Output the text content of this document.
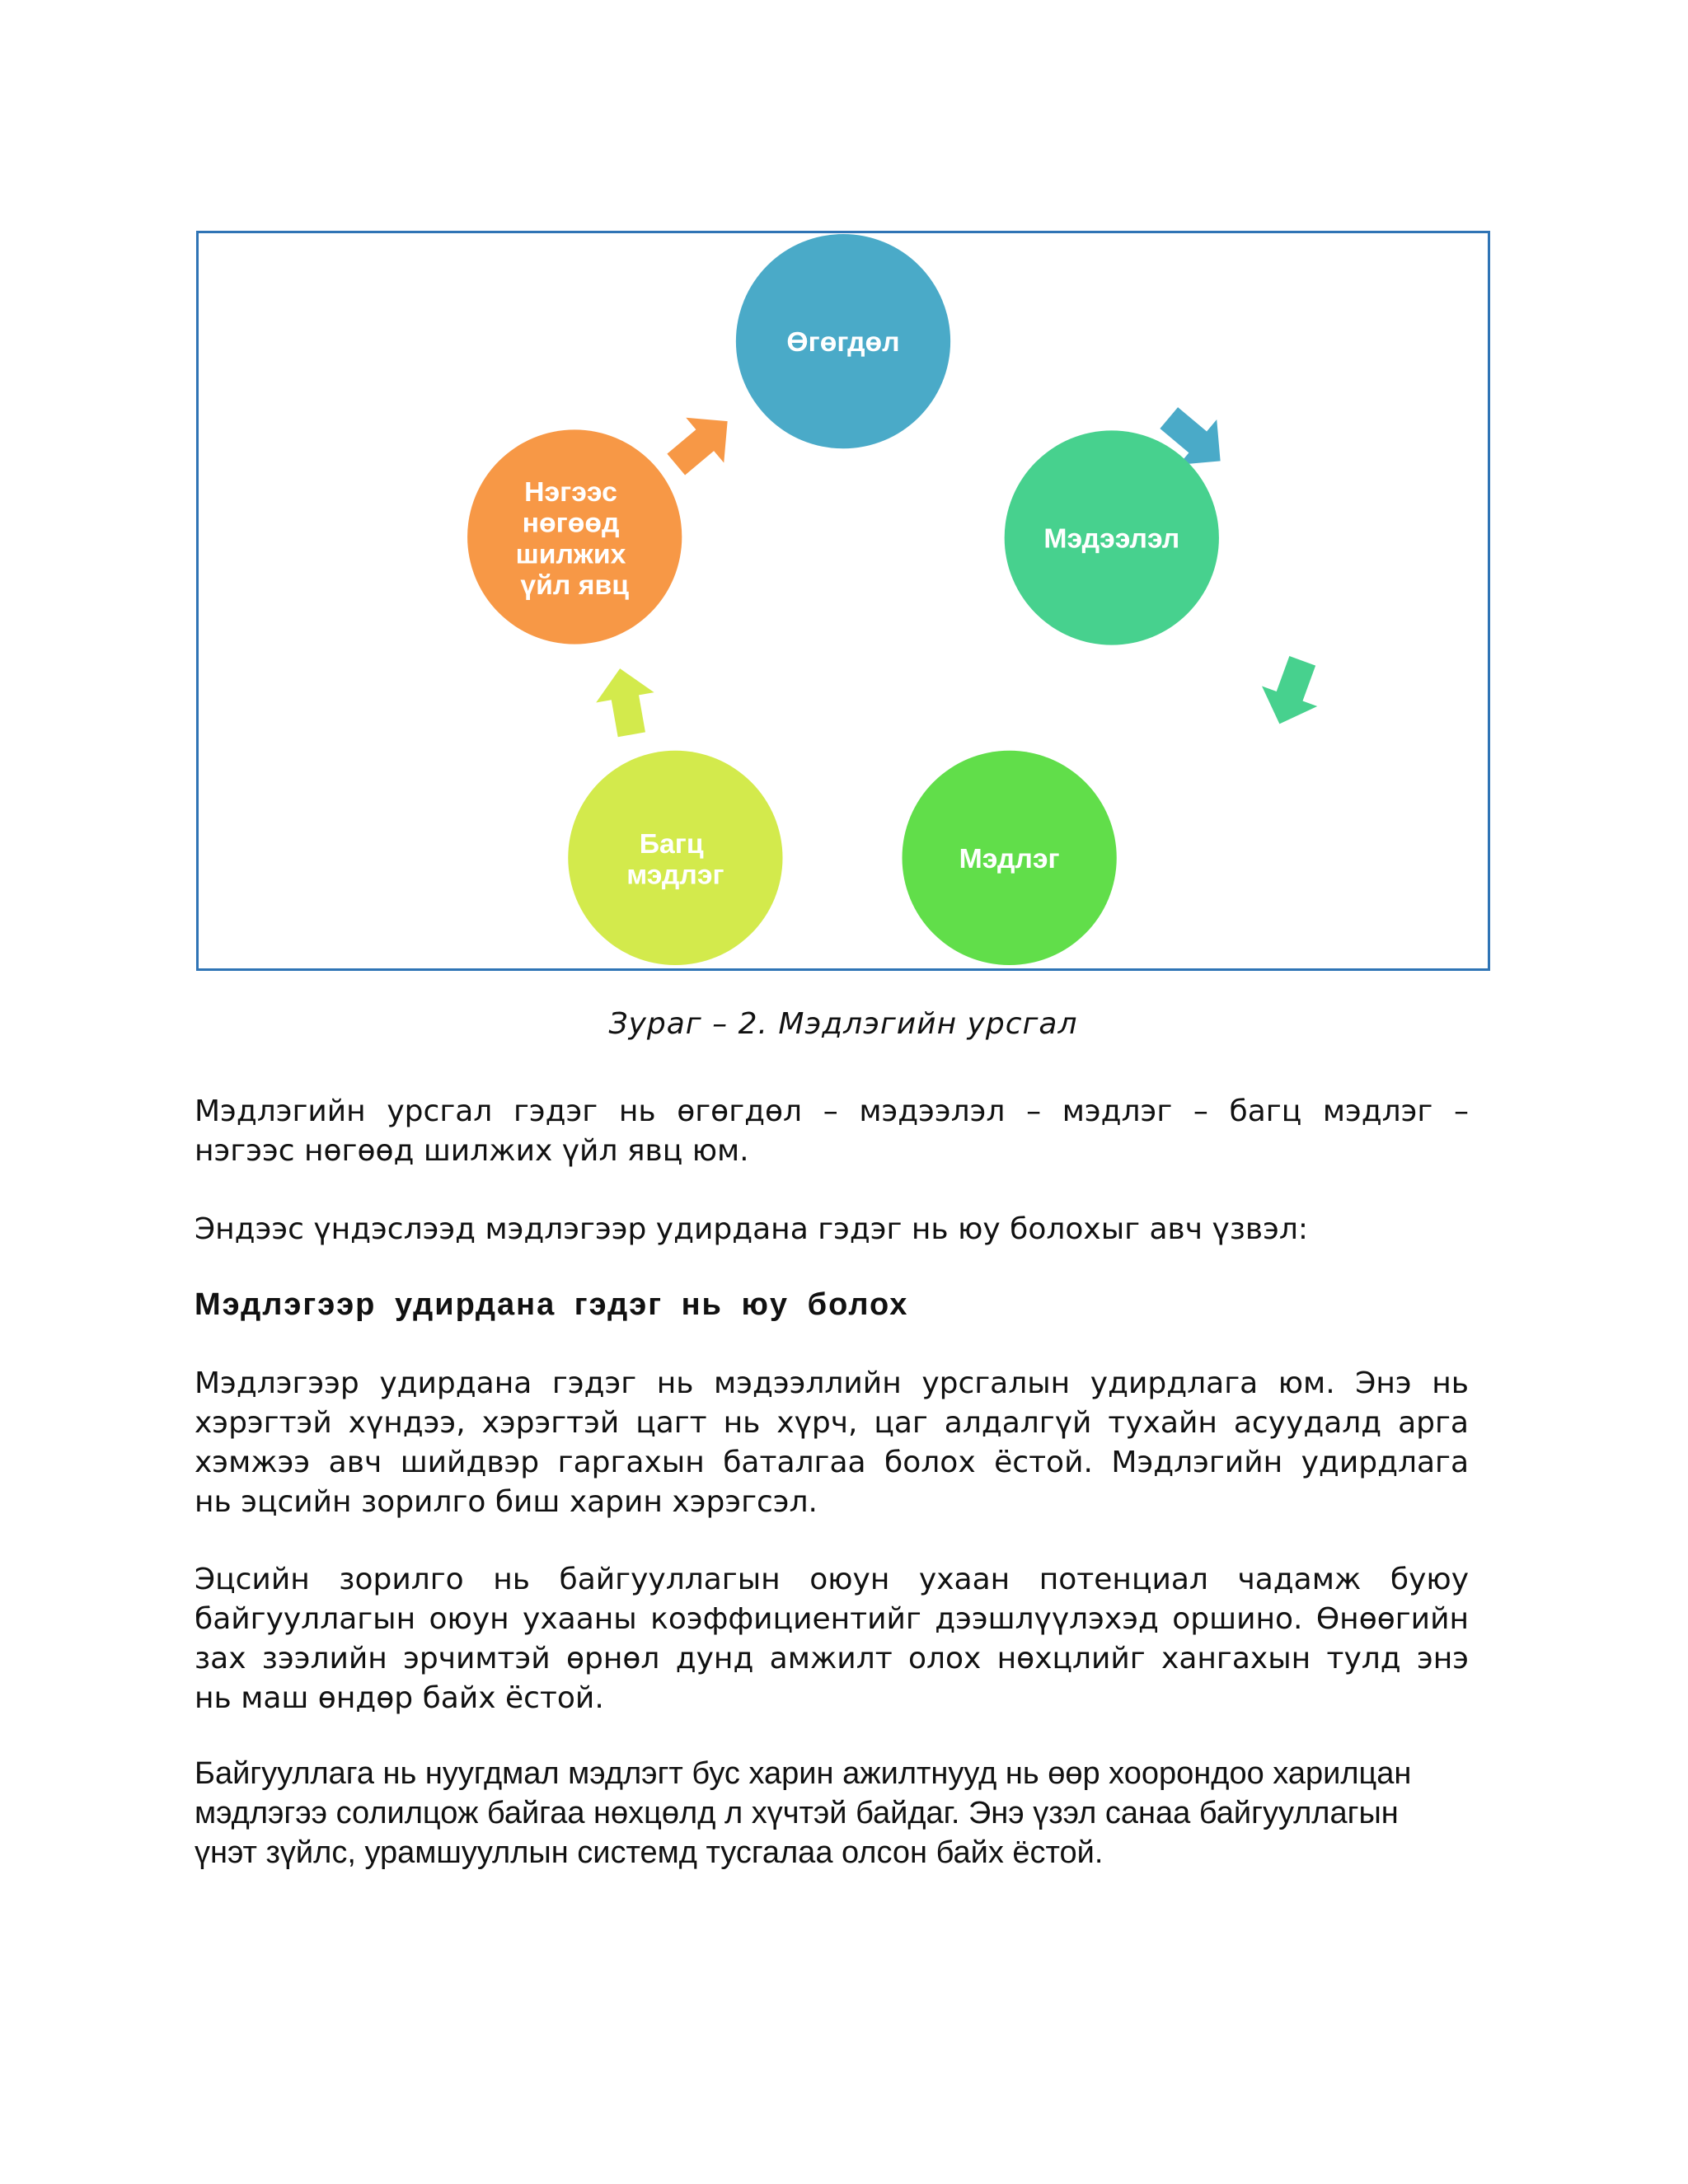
Өгөгдөл
Мэдээлэл
Мэдлэг
Багц мэдлэг
Нэгээс нөгөөд шилжих үйл явц
Зураг – 2. Мэдлэгийн урсгал

Мэдлэгийн урсгал гэдэг нь өгөгдөл – мэдээлэл – мэдлэг – багц мэдлэг –
нэгээс нөгөөд шилжих үйл явц юм.

Эндээс үндэслээд мэдлэгээр удирдана гэдэг нь юу болохыг авч үзвэл:

Мэдлэгээр удирдана гэдэг нь юу болох

Мэдлэгээр удирдана гэдэг нь мэдээллийн урсгалын удирдлага юм. Энэ нь
хэрэгтэй хүндээ, хэрэгтэй цагт нь хүрч, цаг алдалгүй тухайн асуудалд арга
хэмжээ авч шийдвэр гаргахын баталгаа болох ёстой. Мэдлэгийн удирдлага
нь эцсийн зорилго биш харин хэрэгсэл.

Эцсийн зорилго нь байгууллагын оюун ухаан потенциал чадамж буюу
байгууллагын оюун ухааны коэффициентийг дээшлүүлэхэд оршино. Өнөөгийн
зах зээлийн эрчимтэй өрнөл дунд амжилт олох нөхцлийг хангахын тулд энэ
нь маш өндөр байх ёстой.

Байгууллага нь нуугдмал мэдлэгт бус харин ажилтнууд нь өөр хоорондоо харилцан
мэдлэгээ солилцож байгаа нөхцөлд л хүчтэй байдаг. Энэ үзэл санаа байгууллагын
үнэт зүйлс, урамшууллын системд тусгалаа олсон байх ёстой.
